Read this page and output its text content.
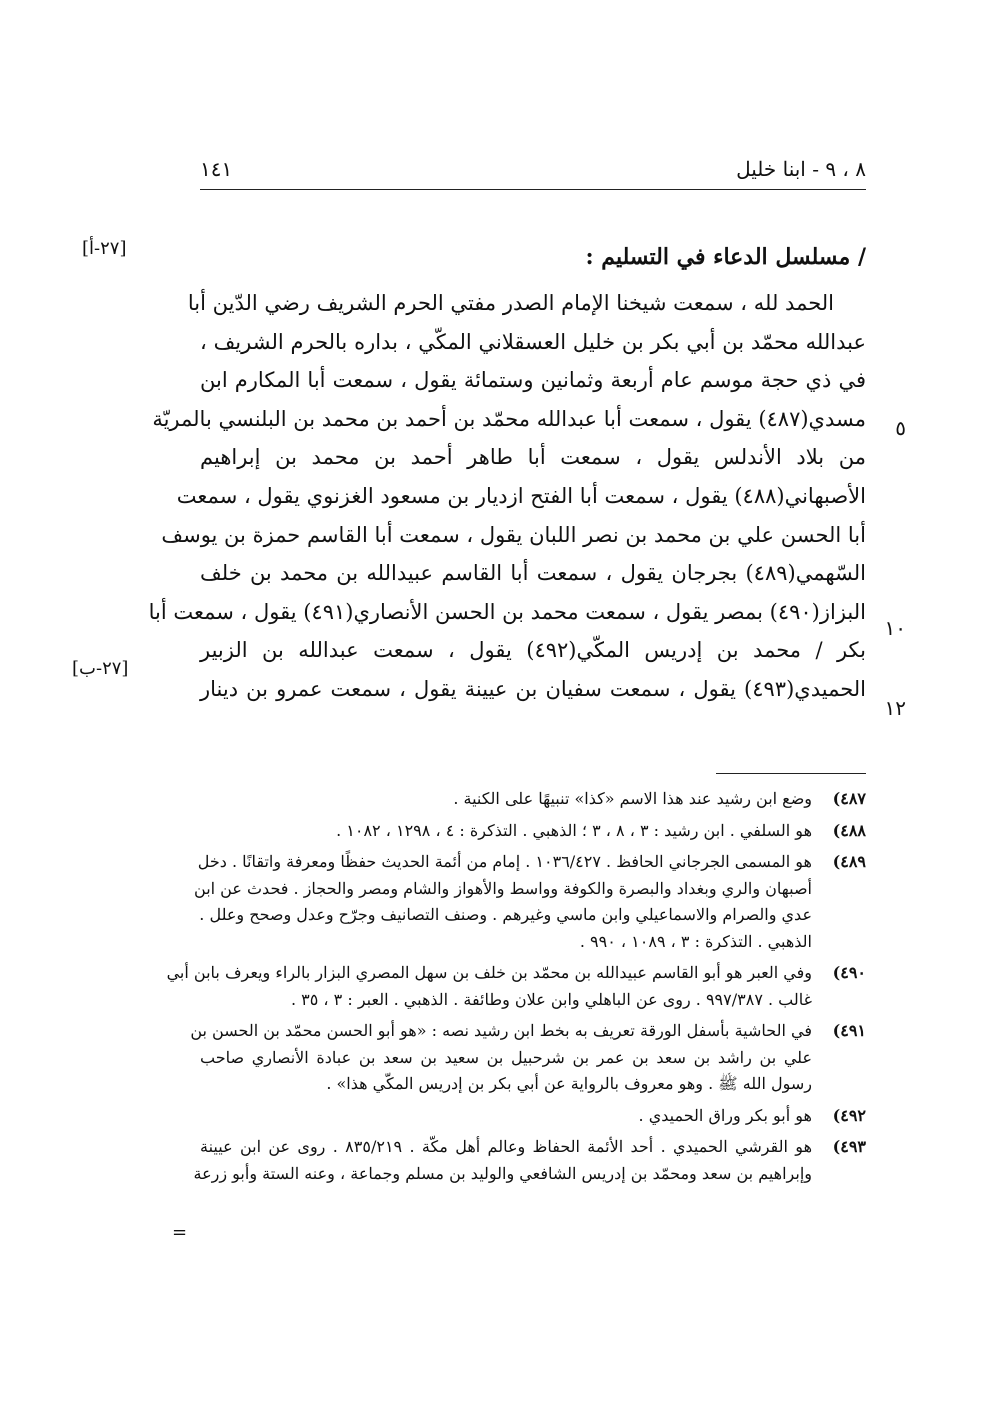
٨ ، ٩ - ابنا خليل
١٤١
[٢٧-أ]
[٢٧-ب]
/ مسلسل الدعاء في التسليم :
الحمد لله ، سمعت شيخنا الإمام الصدر مفتي الحرم الشريف رضي الدّين أبا
عبدالله محمّد بن أبي بكر بن خليل العسقلاني المكّي ، بداره بالحرم الشريف ،
في ذي حجة موسم عام أربعة وثمانين وستمائة يقول ، سمعت أبا المكارم ابن
مسدي(٤٨٧) يقول ، سمعت أبا عبدالله محمّد بن أحمد بن محمد بن البلنسي بالمريّة
من بلاد الأندلس يقول ، سمعت أبا طاهر أحمد بن محمد بن إبراهيم
الأصبهاني(٤٨٨) يقول ، سمعت أبا الفتح ازديار بن مسعود الغزنوي يقول ، سمعت
أبا الحسن علي بن محمد بن نصر اللبان يقول ، سمعت أبا القاسم حمزة بن يوسف
السّهمي(٤٨٩) بجرجان يقول ، سمعت أبا القاسم عبيدالله بن محمد بن خلف
البزاز(٤٩٠) بمصر يقول ، سمعت محمد بن الحسن الأنصاري(٤٩١) يقول ، سمعت أبا
بكر / محمد بن إدريس المكّي(٤٩٢) يقول ، سمعت عبدالله بن الزبير
الحميدي(٤٩٣) يقول ، سمعت سفيان بن عيينة يقول ، سمعت عمرو بن دينار
٥
١٠
١٢
٤٨٧)
وضع ابن رشيد عند هذا الاسم «كذا» تنبيهًا على الكنية .
٤٨٨)
هو السلفي . ابن رشيد : ٣ ، ٨ ، ٣ ؛ الذهبي . التذكرة : ٤ ، ١٢٩٨ ، ١٠٨٢ .
٤٨٩)
هو المسمى الجرجاني الحافظ . ١٠٣٦/٤٢٧ . إمام من أئمة الحديث حفظًا ومعرفة واتقانًا . دخل
أصبهان والري وبغداد والبصرة والكوفة وواسط والأهواز والشام ومصر والحجاز . فحدث عن ابن
عدي والصرام والاسماعيلي وابن ماسي وغيرهم . وصنف التصانيف وجرّح وعدل وصحح وعلل .
الذهبي . التذكرة : ٣ ، ١٠٨٩ ، ٩٩٠ .
٤٩٠)
وفي العبر هو أبو القاسم عبيدالله بن محمّد بن خلف بن سهل المصري البزار بالراء ويعرف بابن أبي
غالب . ٩٩٧/٣٨٧ . روى عن الباهلي وابن علان وطائفة . الذهبي . العبر : ٣ ، ٣٥ .
٤٩١)
في الحاشية بأسفل الورقة تعريف به بخط ابن رشيد نصه : «هو أبو الحسن محمّد بن الحسن بن
علي بن راشد بن سعد بن عمر بن شرحبيل بن سعيد بن سعد بن عبادة الأنصاري صاحب
رسول الله ﷺ . وهو معروف بالرواية عن أبي بكر بن إدريس المكّي هذا» .
٤٩٢)
هو أبو بكر وراق الحميدي .
٤٩٣)
هو القرشي الحميدي . أحد الأئمة الحفاظ وعالم أهل مكّة . ٨٣٥/٢١٩ . روى عن ابن عيينة
وإبراهيم بن سعد ومحمّد بن إدريس الشافعي والوليد بن مسلم وجماعة ، وعنه الستة وأبو زرعة
=
